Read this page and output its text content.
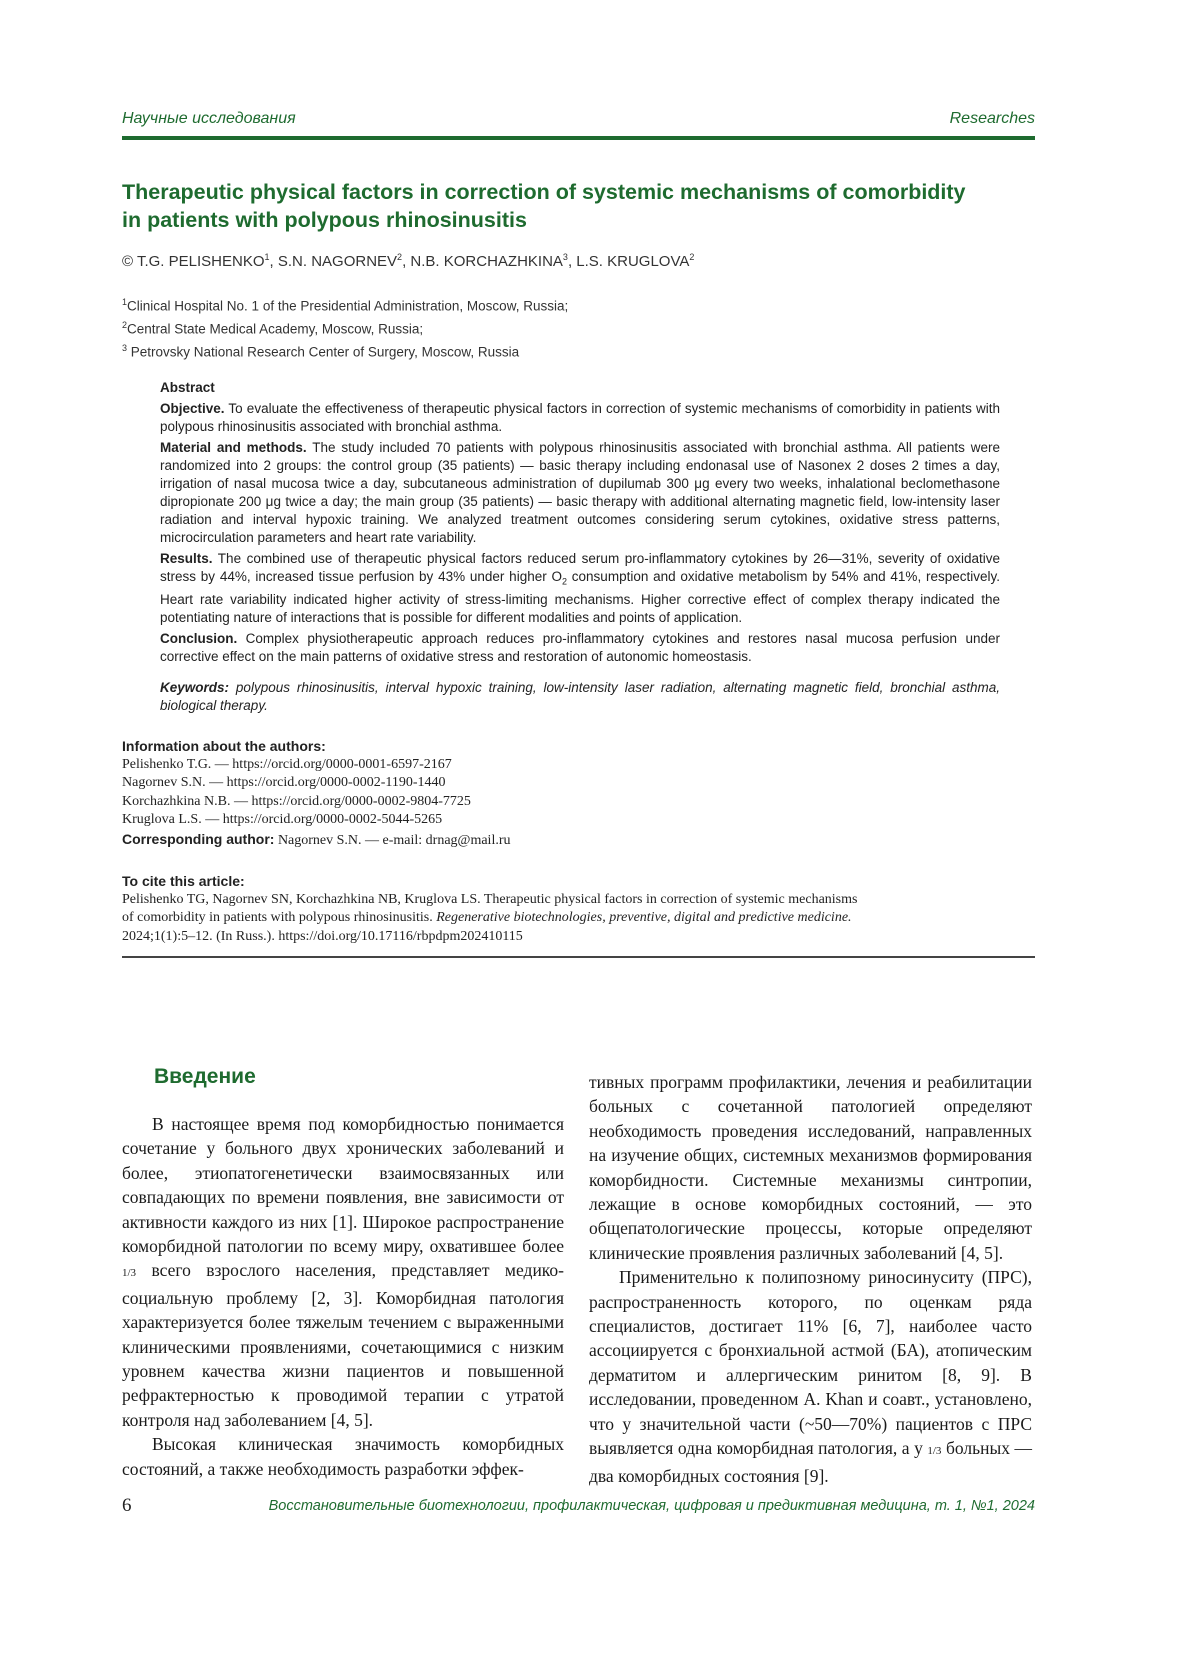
Научные исследования	Researches
Therapeutic physical factors in correction of systemic mechanisms of comorbidity
in patients with polypous rhinosinusitis
© T.G. PELISHENKO$^1$, S.N. NAGORNEV$^2$, N.B. KORCHAZHKINA$^3$, L.S. KRUGLOVA$^2$
$^1$Clinical Hospital No. 1 of the Presidential Administration, Moscow, Russia;
$^2$Central State Medical Academy, Moscow, Russia;
$^3$ Petrovsky National Research Center of Surgery, Moscow, Russia

Abstract

Objective. To evaluate the effectiveness of therapeutic physical factors in correction of systemic mechanisms of comorbidity in patients with polypous rhinosinusitis associated with bronchial asthma.

Material and methods. The study included 70 patients with polypous rhinosinusitis associated with bronchial asthma. All patients were randomized into 2 groups: the control group (35 patients) — basic therapy including endonasal use of Nasonex 2 doses 2 times a day, irrigation of nasal mucosa twice a day, subcutaneous administration of dupilumab 300 μg every two weeks, inhalational beclomethasone dipropionate 200 μg twice a day; the main group (35 patients) — basic therapy with additional alternating magnetic field, low-intensity laser radiation and interval hypoxic training. We analyzed treatment outcomes considering serum cytokines, oxidative stress patterns, microcirculation parameters and heart rate variability.

Results. The combined use of therapeutic physical factors reduced serum pro-inflammatory cytokines by 26—31%, severity of oxidative stress by 44%, increased tissue perfusion by 43% under higher $O_2$ consumption and oxidative metabolism by 54% and 41%, respectively. Heart rate variability indicated higher activity of stress-limiting mechanisms. Higher corrective effect of complex therapy indicated the potentiating nature of interactions that is possible for different modalities and points of application.

Conclusion. Complex physiotherapeutic approach reduces pro-inflammatory cytokines and restores nasal mucosa perfusion under corrective effect on the main patterns of oxidative stress and restoration of autonomic homeostasis.

Keywords: polypous rhinosinusitis, interval hypoxic training, low-intensity laser radiation, alternating magnetic field, bronchial asthma, biological therapy.

Information about the authors:
Pelishenko T.G. — https://orcid.org/0000-0001-6597-2167
Nagornev S.N. — https://orcid.org/0000-0002-1190-1440
Korchazhkina N.B. — https://orcid.org/0000-0002-9804-7725
Kruglova L.S. — https://orcid.org/0000-0002-5044-5265
Corresponding author: Nagornev S.N. — e-mail: drnag@mail.ru
To cite this article:
Pelishenko TG, Nagornev SN, Korchazhkina NB, Kruglova LS. Therapeutic physical factors in correction of systemic mechanisms
of comorbidity in patients with polypous rhinosinusitis. Regenerative biotechnologies, preventive, digital and predictive medicine.
2024;1(1):5–12. (In Russ.). https://doi.org/10.17116/rbpdpm202410115
Введение

В настоящее время под коморбидностью понимается сочетание у больного двух хронических заболеваний и более, этиопатогенетически взаимосвязанных или совпадающих по времени появления, вне зависимости от активности каждого из них [1]. Широкое распространение коморбидной патологии по всему миру, охватившее более 1/3 всего взрослого населения, представляет медико-социальную проблему [2, 3]. Коморбидная патология характеризуется более тяжелым течением с выраженными клиническими проявлениями, сочетающимися с низким уровнем качества жизни пациентов и повышенной рефрактерностью к проводимой терапии с утратой контроля над заболеванием [4, 5].

Высокая клиническая значимость коморбидных состояний, а также необходимость разработки эффек-

тивных программ профилактики, лечения и реабилитации больных с сочетанной патологией определяют необходимость проведения исследований, направленных на изучение общих, системных механизмов формирования коморбидности. Системные механизмы синтропии, лежащие в основе коморбидных состояний, — это общепатологические процессы, которые определяют клинические проявления различных заболеваний [4, 5].

Применительно к полипозному риносинуситу (ПРС), распространенность которого, по оценкам ряда специалистов, достигает 11% [6, 7], наиболее часто ассоциируется с бронхиальной астмой (БА), атопическим дерматитом и аллергическим ринитом [8, 9]. В исследовании, проведенном A. Khan и соавт., установлено, что у значительной части (~50—70%) пациентов с ПРС выявляется одна коморбидная патология, а у 1/3 больных — два коморбидных состояния [9].

6	Восстановительные биотехнологии, профилактическая, цифровая и предиктивная медицина, т. 1, №1, 2024
